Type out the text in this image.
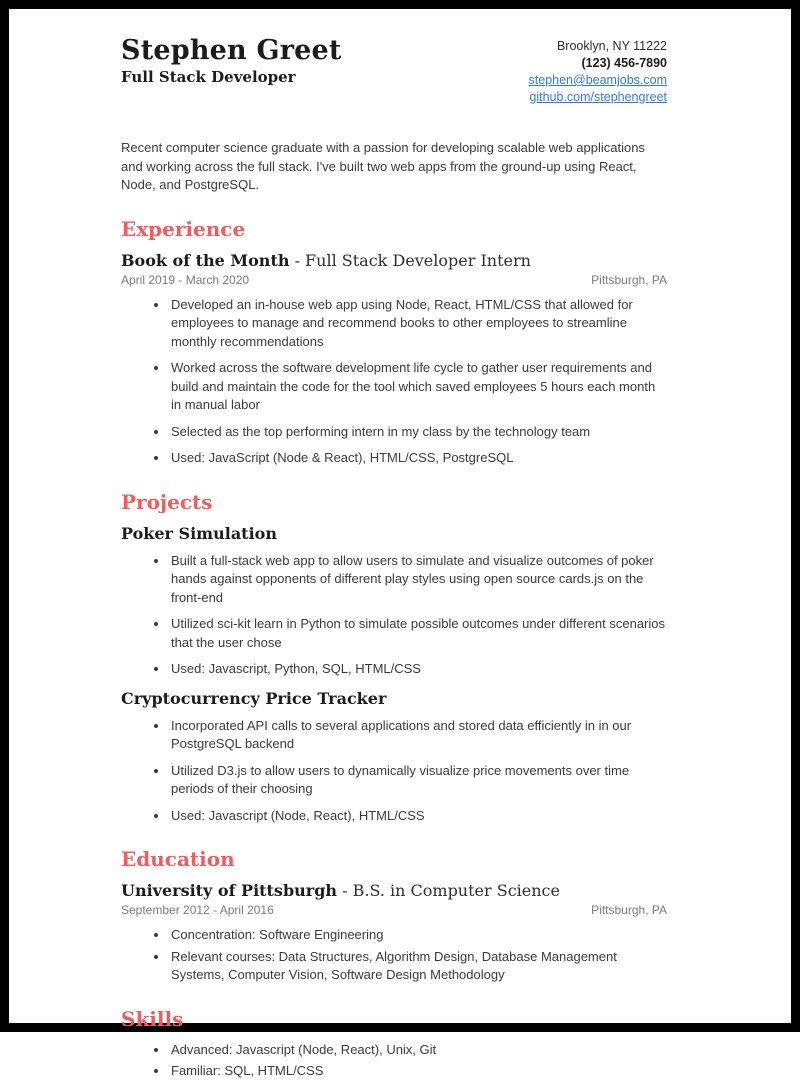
Stephen Greet
Full Stack Developer
Brooklyn, NY 11222
(123) 456-7890
stephen@beamjobs.com
github.com/stephengreet

Recent computer science graduate with a passion for developing scalable web applications and working across the full stack. I've built two web apps from the ground-up using React, Node, and PostgreSQL.

Experience
Book of the Month - Full Stack Developer Intern
April 2019 - March 2020	Pittsburgh, PA
• Developed an in-house web app using Node, React, HTML/CSS that allowed for employees to manage and recommend books to other employees to streamline monthly recommendations
• Worked across the software development life cycle to gather user requirements and build and maintain the code for the tool which saved employees 5 hours each month in manual labor
• Selected as the top performing intern in my class by the technology team
• Used: JavaScript (Node & React), HTML/CSS, PostgreSQL
Projects
Poker Simulation
• Built a full-stack web app to allow users to simulate and visualize outcomes of poker hands against opponents of different play styles using open source cards.js on the front-end
• Utilized sci-kit learn in Python to simulate possible outcomes under different scenarios that the user chose
• Used: Javascript, Python, SQL, HTML/CSS
Cryptocurrency Price Tracker
• Incorporated API calls to several applications and stored data efficiently in in our PostgreSQL backend
• Utilized D3.js to allow users to dynamically visualize price movements over time periods of their choosing
• Used: Javascript (Node, React), HTML/CSS
Education
University of Pittsburgh - B.S. in Computer Science
September 2012 - April 2016	Pittsburgh, PA
• Concentration: Software Engineering
• Relevant courses: Data Structures, Algorithm Design, Database Management Systems, Computer Vision, Software Design Methodology
Skills
• Advanced: Javascript (Node, React), Unix, Git
• Familiar: SQL, HTML/CSS
